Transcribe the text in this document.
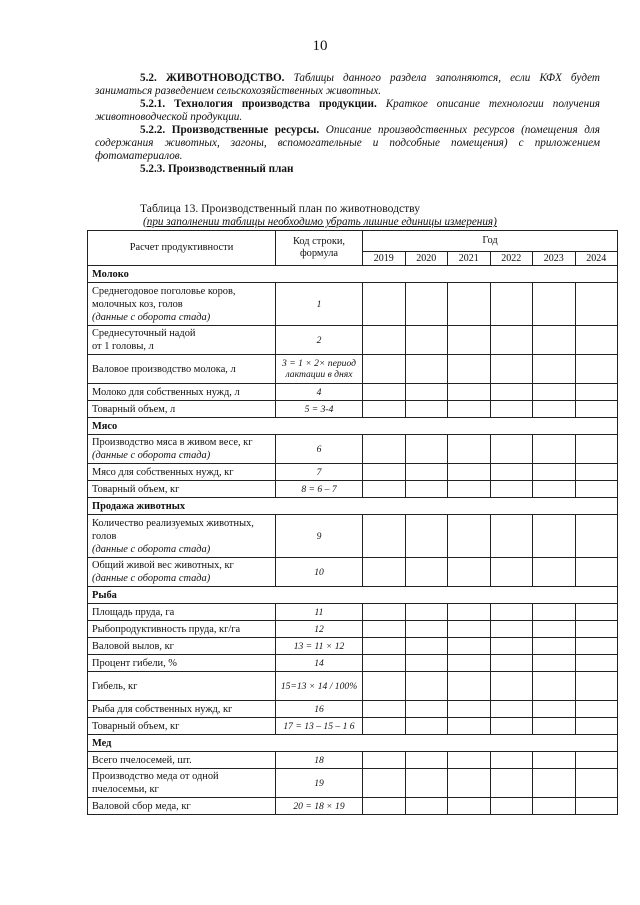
10

5.2. ЖИВОТНОВОДСТВО. Таблицы данного раздела заполняются, если КФХ будет заниматься разведением сельскохозяйственных животных.

5.2.1. Технология производства продукции. Краткое описание технологии получения животноводческой продукции.

5.2.2. Производственные ресурсы. Описание производственных ресурсов (помещения для содержания животных, загоны, вспомогательные и подсобные помещения) с приложением фотоматериалов.

5.2.3. Производственный план

Таблица 13. Производственный план по животноводству
(при заполнении таблицы необходимо убрать лишние единицы измерения)
Расчет продуктивности	Код строки, формула	Год					
		2019	2020	2021	2022	2023	2024
Молоко							

Среднегодовое поголовье коров, молочных коз, голов
(данные с оборота стада)	1						

Среднесуточный надой
от 1 головы, л	2						

Валовое производство молока, л	3 = 1 × 2× период лактации в днях						

Молоко для собственных нужд, л	4						

Товарный объем, л	5 = 3-4						
Мясо							

Производство мяса в живом весе, кг
(данные с оборота стада)	6						

Мясо для собственных нужд, кг	7						

Товарный объем, кг	8 = 6 – 7						
Продажа животных							

Количество реализуемых животных, голов
(данные с оборота стада)	9						

Общий живой вес животных, кг
(данные с оборота стада)	10						
Рыба							

Площадь пруда, га	11						

Рыбопродуктивность пруда, кг/га	12						

Валовой вылов, кг	13 = 11 × 12						

Процент гибели, %	14						

Гибель, кг	15=13 × 14 / 100%						

Рыба для собственных нужд, кг	16						

Товарный объем, кг	17 = 13 – 15 – 1 6						
Мед							

Всего пчелосемей, шт.	18						

Производство меда от одной пчелосемьи, кг	19						

Валовой сбор меда, кг	20 = 18 × 19						
